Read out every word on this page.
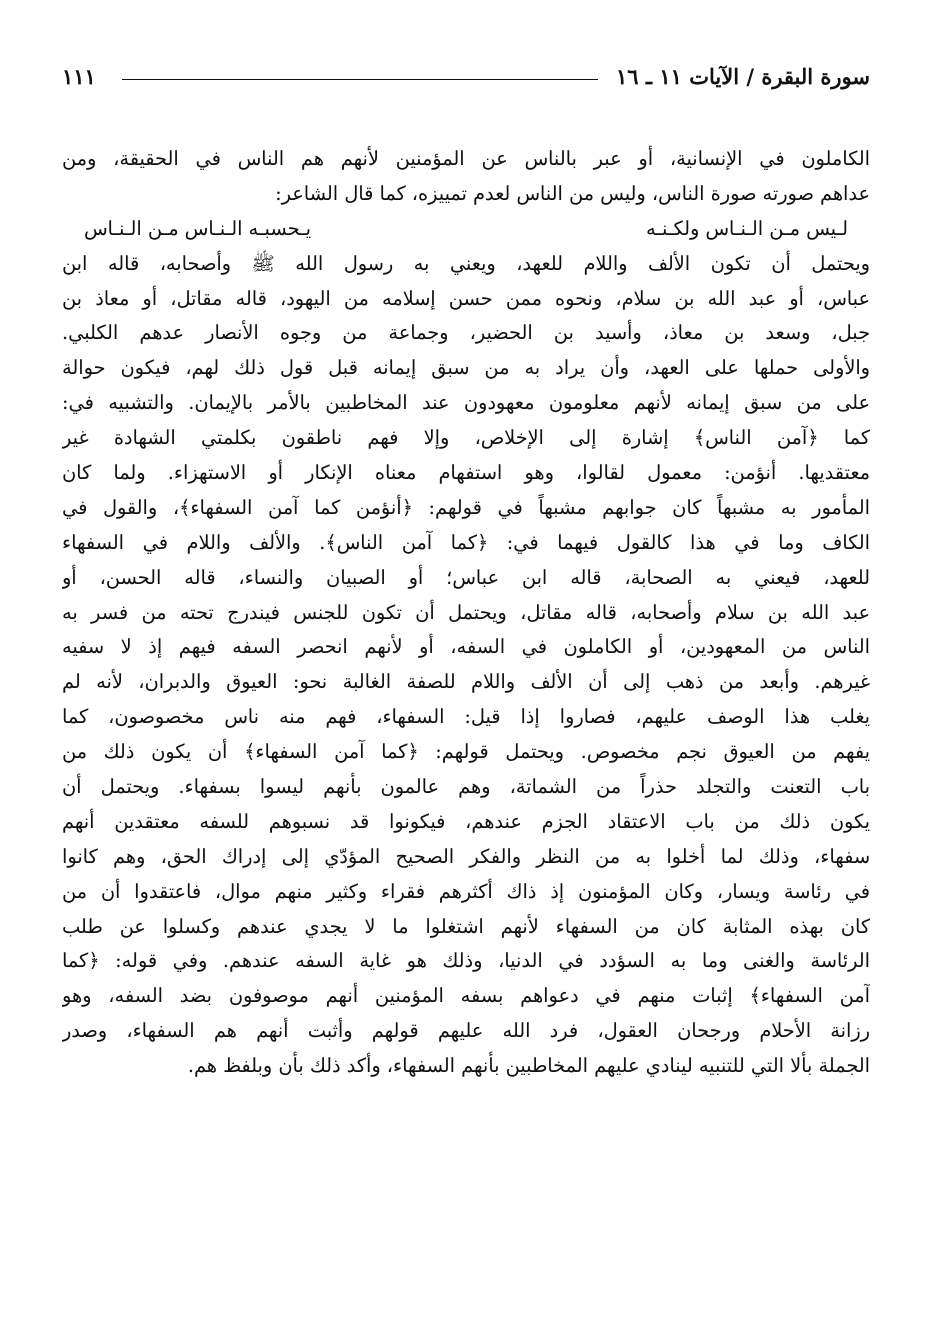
سورة البقرة / الآيات ١١ ـ ١٦
١١١
الكاملون في الإنسانية، أو عبر بالناس عن المؤمنين لأنهم هم الناس في الحقيقة، ومن
عداهم صورته صورة الناس، وليس من الناس لعدم تمييزه، كما قال الشاعر:
لـيس مـن الـنـاس ولكـنـه
يـحسبـه الـنـاس مـن الـنـاس
ويحتمل أن تكون الألف واللام للعهد، ويعني به رسول الله ﷺ وأصحابه، قاله ابن
عباس، أو عبد الله بن سلام، ونحوه ممن حسن إسلامه من اليهود، قاله مقاتل، أو معاذ بن
جبل، وسعد بن معاذ، وأسيد بن الحضير، وجماعة من وجوه الأنصار عدهم الكلبي.
والأولى حملها على العهد، وأن يراد به من سبق إيمانه قبل قول ذلك لهم، فيكون حوالة
على من سبق إيمانه لأنهم معلومون معهودون عند المخاطبين بالأمر بالإيمان. والتشبيه في:
كما ﴿آمن الناس﴾ إشارة إلى الإخلاص، وإلا فهم ناطقون بكلمتي الشهادة غير
معتقديها. أنؤمن: معمول لقالوا، وهو استفهام معناه الإنكار أو الاستهزاء. ولما كان
المأمور به مشبهاً كان جوابهم مشبهاً في قولهم: ﴿أنؤمن كما آمن السفهاء﴾، والقول في
الكاف وما في هذا كالقول فيهما في: ﴿كما آمن الناس﴾. والألف واللام في السفهاء
للعهد، فيعني به الصحابة، قاله ابن عباس؛ أو الصبيان والنساء، قاله الحسن، أو
عبد الله بن سلام وأصحابه، قاله مقاتل، ويحتمل أن تكون للجنس فيندرج تحته من فسر به
الناس من المعهودين، أو الكاملون في السفه، أو لأنهم انحصر السفه فيهم إذ لا سفيه
غيرهم. وأبعد من ذهب إلى أن الألف واللام للصفة الغالبة نحو: العيوق والدبران، لأنه لم
يغلب هذا الوصف عليهم، فصاروا إذا قيل: السفهاء، فهم منه ناس مخصوصون، كما
يفهم من العيوق نجم مخصوص. ويحتمل قولهم: ﴿كما آمن السفهاء﴾ أن يكون ذلك من
باب التعنت والتجلد حذراً من الشماتة، وهم عالمون بأنهم ليسوا بسفهاء. ويحتمل أن
يكون ذلك من باب الاعتقاد الجزم عندهم، فيكونوا قد نسبوهم للسفه معتقدين أنهم
سفهاء، وذلك لما أخلوا به من النظر والفكر الصحيح المؤدّي إلى إدراك الحق، وهم كانوا
في رئاسة ويسار، وكان المؤمنون إذ ذاك أكثرهم فقراء وكثير منهم موال، فاعتقدوا أن من
كان بهذه المثابة كان من السفهاء لأنهم اشتغلوا ما لا يجدي عندهم وكسلوا عن طلب
الرئاسة والغنى وما به السؤدد في الدنيا، وذلك هو غاية السفه عندهم. وفي قوله: ﴿كما
آمن السفهاء﴾ إثبات منهم في دعواهم بسفه المؤمنين أنهم موصوفون بضد السفه، وهو
رزانة الأحلام ورجحان العقول، فرد الله عليهم قولهم وأثبت أنهم هم السفهاء، وصدر
الجملة بألا التي للتنبيه لينادي عليهم المخاطبين بأنهم السفهاء، وأكد ذلك بأن وبلفظ هم.
